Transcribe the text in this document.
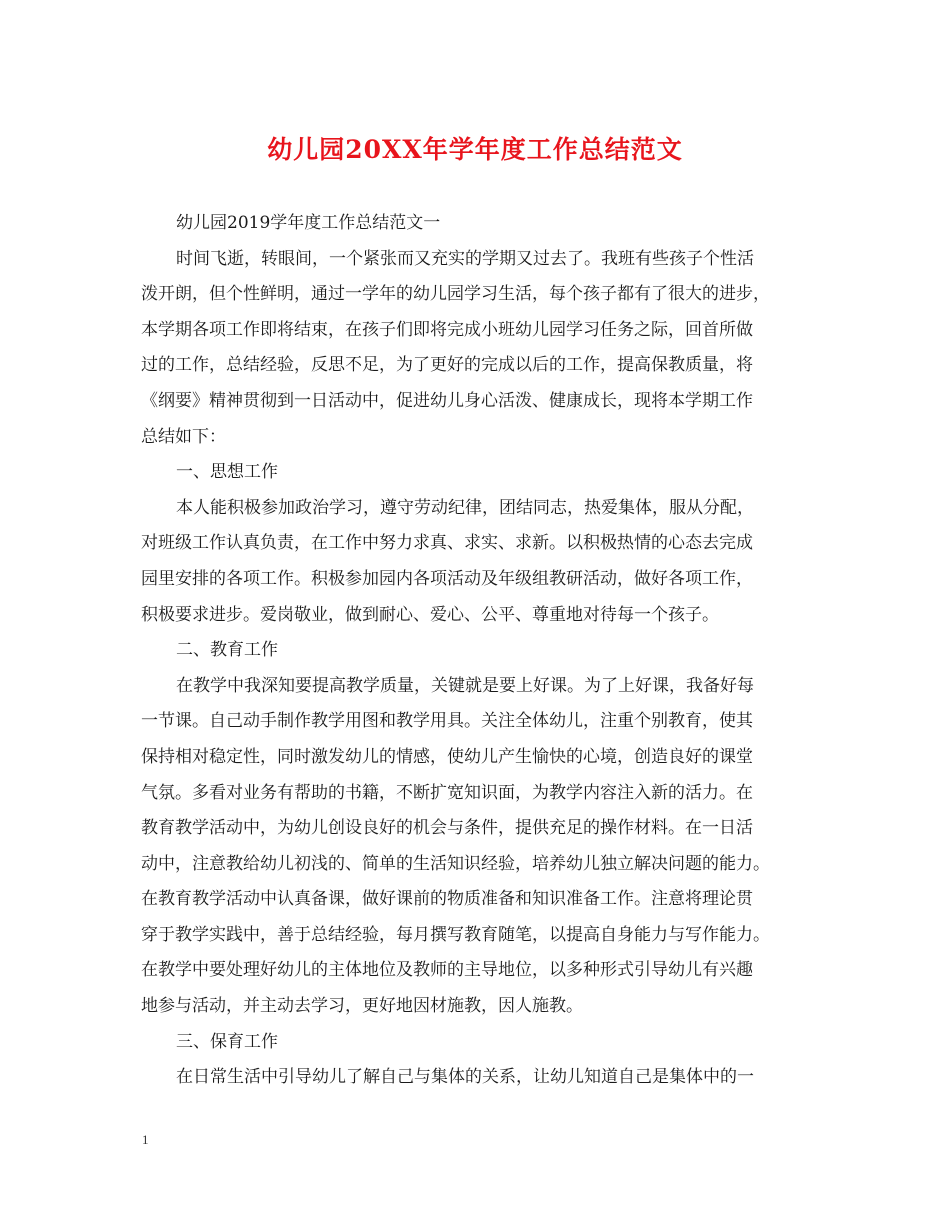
幼儿园20XX年学年度工作总结范文
幼儿园2019学年度工作总结范文一
时间飞逝，转眼间，一个紧张而又充实的学期又过去了。我班有些孩子个性活
泼开朗，但个性鲜明，通过一学年的幼儿园学习生活，每个孩子都有了很大的进步，
本学期各项工作即将结束，在孩子们即将完成小班幼儿园学习任务之际，回首所做
过的工作，总结经验，反思不足，为了更好的完成以后的工作，提高保教质量，将
《纲要》精神贯彻到一日活动中，促进幼儿身心活泼、健康成长，现将本学期工作
总结如下：
一、思想工作
本人能积极参加政治学习，遵守劳动纪律，团结同志，热爱集体，服从分配，
对班级工作认真负责，在工作中努力求真、求实、求新。以积极热情的心态去完成
园里安排的各项工作。积极参加园内各项活动及年级组教研活动，做好各项工作，
积极要求进步。爱岗敬业，做到耐心、爱心、公平、尊重地对待每一个孩子。
二、教育工作
在教学中我深知要提高教学质量，关键就是要上好课。为了上好课，我备好每
一节课。自己动手制作教学用图和教学用具。关注全体幼儿，注重个别教育，使其
保持相对稳定性，同时激发幼儿的情感，使幼儿产生愉快的心境，创造良好的课堂
气氛。多看对业务有帮助的书籍，不断扩宽知识面，为教学内容注入新的活力。在
教育教学活动中，为幼儿创设良好的机会与条件，提供充足的操作材料。在一日活
动中，注意教给幼儿初浅的、简单的生活知识经验，培养幼儿独立解决问题的能力。
在教育教学活动中认真备课，做好课前的物质准备和知识准备工作。注意将理论贯
穿于教学实践中，善于总结经验，每月撰写教育随笔，以提高自身能力与写作能力。
在教学中要处理好幼儿的主体地位及教师的主导地位，以多种形式引导幼儿有兴趣
地参与活动，并主动去学习，更好地因材施教，因人施教。
三、保育工作
在日常生活中引导幼儿了解自己与集体的关系，让幼儿知道自己是集体中的一
1
